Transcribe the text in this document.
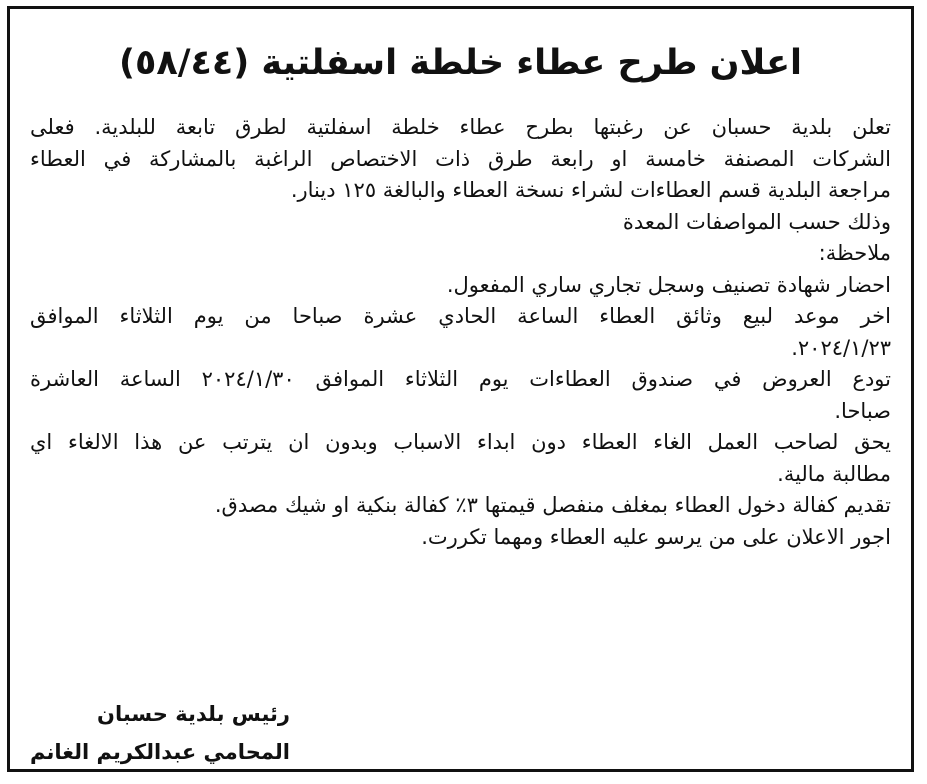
اعلان طرح عطاء خلطة اسفلتية (٥٨/٤٤)
تعلن بلدية حسبان عن رغبتها بطرح عطاء خلطة اسفلتية لطرق تابعة للبلدية. فعلى
الشركات المصنفة خامسة او رابعة طرق ذات الاختصاص الراغبة بالمشاركة في العطاء
مراجعة البلدية قسم العطاءات لشراء نسخة العطاء والبالغة ١٢٥ دينار.
وذلك حسب المواصفات المعدة
ملاحظة:
احضار شهادة تصنيف وسجل تجاري ساري المفعول.
اخر موعد لبيع وثائق العطاء الساعة الحادي عشرة صباحا من يوم الثلاثاء الموافق
٢٠٢٤/١/٢٣.
تودع العروض في صندوق العطاءات يوم الثلاثاء الموافق ٢٠٢٤/١/٣٠ الساعة العاشرة
صباحا.
يحق لصاحب العمل الغاء العطاء دون ابداء الاسباب وبدون ان يترتب عن هذا الالغاء اي
مطالبة مالية.
تقديم كفالة دخول العطاء بمغلف منفصل قيمتها ٣٪ كفالة بنكية او شيك مصدق.
اجور الاعلان على من يرسو عليه العطاء ومهما تكررت.
رئيس بلدية حسبان
المحامي عبدالكريم الغانم
